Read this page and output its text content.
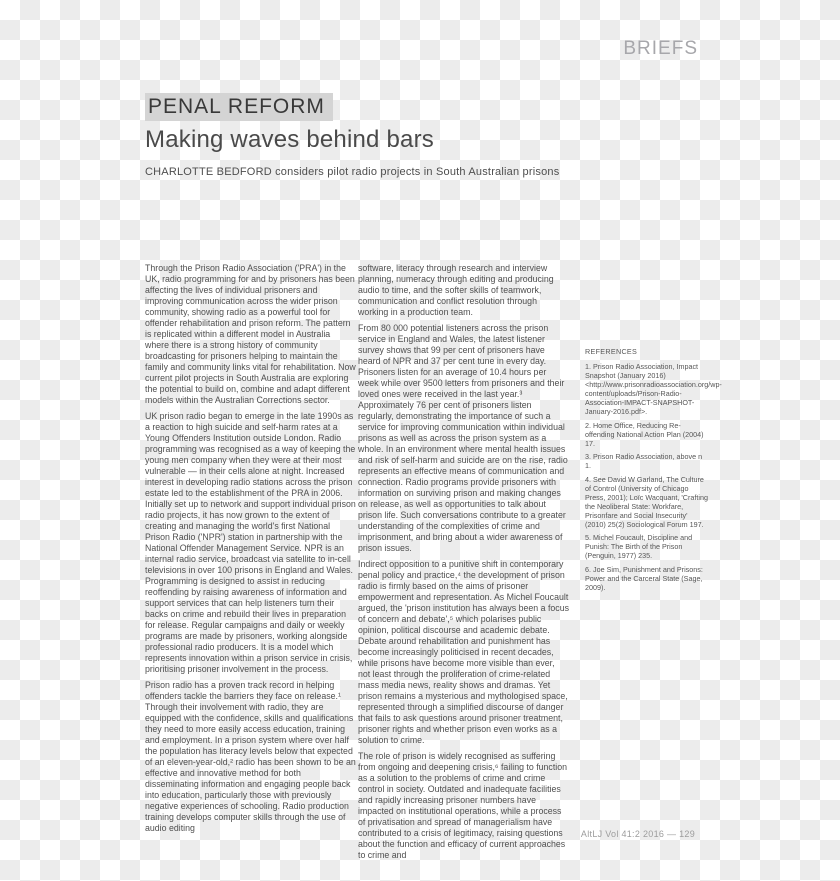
BRIEFS
PENAL REFORM
Making waves behind bars
CHARLOTTE BEDFORD considers pilot radio projects in South Australian prisons

Through the Prison Radio Association ('PRA') in the UK, radio programming for and by prisoners has been affecting the lives of individual prisoners and improving communication across the wider prison community, showing radio as a powerful tool for offender rehabilitation and prison reform. The pattern is replicated within a different model in Australia where there is a strong history of community broadcasting for prisoners helping to maintain the family and community links vital for rehabilitation. Now current pilot projects in South Australia are exploring the potential to build on, combine and adapt different models within the Australian Corrections sector.

UK prison radio began to emerge in the late 1990s as a reaction to high suicide and self-harm rates at a Young Offenders Institution outside London. Radio programming was recognised as a way of keeping the young men company when they were at their most vulnerable — in their cells alone at night. Increased interest in developing radio stations across the prison estate led to the establishment of the PRA in 2006. Initially set up to network and support individual prison radio projects, it has now grown to the extent of creating and managing the world's first National Prison Radio ('NPR') station in partnership with the National Offender Management Service. NPR is an internal radio service, broadcast via satellite to in-cell televisions in over 100 prisons in England and Wales. Programming is designed to assist in reducing reoffending by raising awareness of information and support services that can help listeners turn their backs on crime and rebuild their lives in preparation for release. Regular campaigns and daily or weekly programs are made by prisoners, working alongside professional radio producers. It is a model which represents innovation within a prison service in crisis, prioritising prisoner involvement in the process.

Prison radio has a proven track record in helping offenders tackle the barriers they face on release.¹ Through their involvement with radio, they are equipped with the confidence, skills and qualifications they need to more easily access education, training and employment. In a prison system where over half the population has literacy levels below that expected of an eleven-year-old,² radio has been shown to be an effective and innovative method for both disseminating information and engaging people back into education, particularly those with previously negative experiences of schooling. Radio production training develops computer skills through the use of audio editing

software, literacy through research and interview planning, numeracy through editing and producing audio to time, and the softer skills of teamwork, communication and conflict resolution through working in a production team.

From 80 000 potential listeners across the prison service in England and Wales, the latest listener survey shows that 99 per cent of prisoners have heard of NPR and 37 per cent tune in every day. Prisoners listen for an average of 10.4 hours per week while over 9500 letters from prisoners and their loved ones were received in the last year.³ Approximately 76 per cent of prisoners listen regularly, demonstrating the importance of such a service for improving communication within individual prisons as well as across the prison system as a whole. In an environment where mental health issues and risk of self-harm and suicide are on the rise, radio represents an effective means of communication and connection. Radio programs provide prisoners with information on surviving prison and making changes on release, as well as opportunities to talk about prison life. Such conversations contribute to a greater understanding of the complexities of crime and imprisonment, and bring about a wider awareness of prison issues.

Indirect opposition to a punitive shift in contemporary penal policy and practice,⁴ the development of prison radio is firmly based on the aims of prisoner empowerment and representation. As Michel Foucault argued, the 'prison institution has always been a focus of concern and debate',⁵ which polarises public opinion, political discourse and academic debate. Debate around rehabilitation and punishment has become increasingly politicised in recent decades, while prisons have become more visible than ever, not least through the proliferation of crime-related mass media news, reality shows and dramas. Yet prison remains a mysterious and mythologised space, represented through a simplified discourse of danger that fails to ask questions around prisoner treatment, prisoner rights and whether prison even works as a solution to crime.

The role of prison is widely recognised as suffering from ongoing and deepening crisis,⁶ failing to function as a solution to the problems of crime and crime control in society. Outdated and inadequate facilities and rapidly increasing prisoner numbers have impacted on institutional operations, while a process of privatisation and spread of managerialism have contributed to a crisis of legitimacy, raising questions about the function and efficacy of current approaches to crime and

REFERENCES
1. Prison Radio Association, Impact Snapshot (January 2016) <http://www.prisonradioassociation.org/wp-content/uploads/Prison-Radio-Association-IMPACT-SNAPSHOT-January-2016.pdf>.
2. Home Office, Reducing Re-offending National Action Plan (2004) 17.
3. Prison Radio Association, above n 1.
4. See David W Garland, The Culture of Control (University of Chicago Press, 2001); Loïc Wacquant, 'Crafting the Neoliberal State: Workfare, Prisonfare and Social Insecurity' (2010) 25(2) Sociological Forum 197.
5. Michel Foucault, Discipline and Punish: The Birth of the Prison (Penguin, 1977) 235.
6. Joe Sim, Punishment and Prisons: Power and the Carceral State (Sage, 2009).
AltLJ Vol 41:2 2016 — 129
